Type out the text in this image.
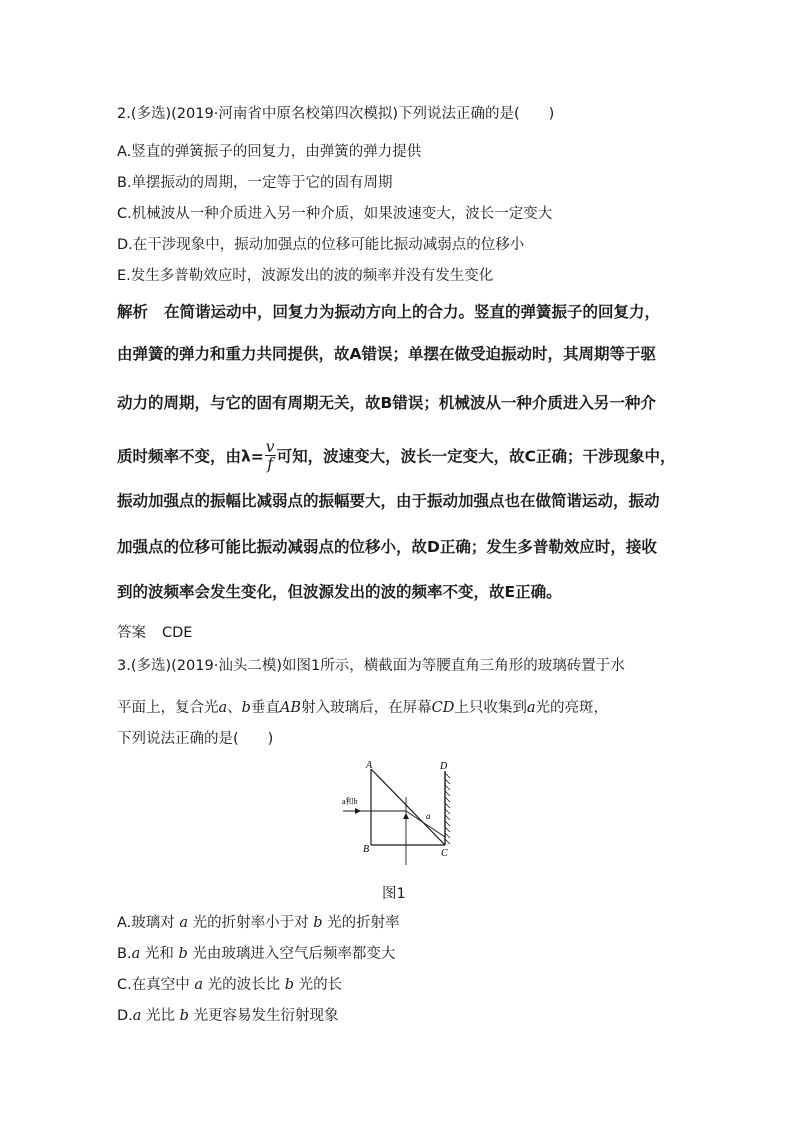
2.(多选)(2019·河南省中原名校第四次模拟)下列说法正确的是(　　)
A.竖直的弹簧振子的回复力，由弹簧的弹力提供
B.单摆振动的周期，一定等于它的固有周期
C.机械波从一种介质进入另一种介质，如果波速变大，波长一定变大
D.在干涉现象中，振动加强点的位移可能比振动减弱点的位移小
E.发生多普勒效应时，波源发出的波的频率并没有发生变化
解析 在简谐运动中，回复力为振动方向上的合力。竖直的弹簧振子的回复力，
由弹簧的弹力和重力共同提供，故A错误；单摆在做受迫振动时，其周期等于驱
动力的周期，与它的固有周期无关，故B错误；机械波从一种介质进入另一种介
质时频率不变，由$\lambda= \frac{v}{f}$ 可知，波速变大，波长一定变大，故C正确；干涉现象中，
振动加强点的振幅比减弱点的振幅要大，由于振动加强点也在做简谐运动，振动
加强点的位移可能比振动减弱点的位移小，故D正确；发生多普勒效应时，接收
到的波频率会发生变化，但波源发出的波的频率不变，故E正确。
答案 CDE
3.(多选)(2019·汕头二模)如图1所示，横截面为等腰直角三角形的玻璃砖置于水
平面上，复合光a、b垂直AB射入玻璃后，在屏幕CD上只收集到a光的亮斑，
下列说法正确的是(　　)
A
B	C
D
a和b
a
图1
A.玻璃对 a 光的折射率小于对 b 光的折射率
B.a 光和 b 光由玻璃进入空气后频率都变大
C.在真空中 a 光的波长比 b 光的长
D.a 光比 b 光更容易发生衍射现象
